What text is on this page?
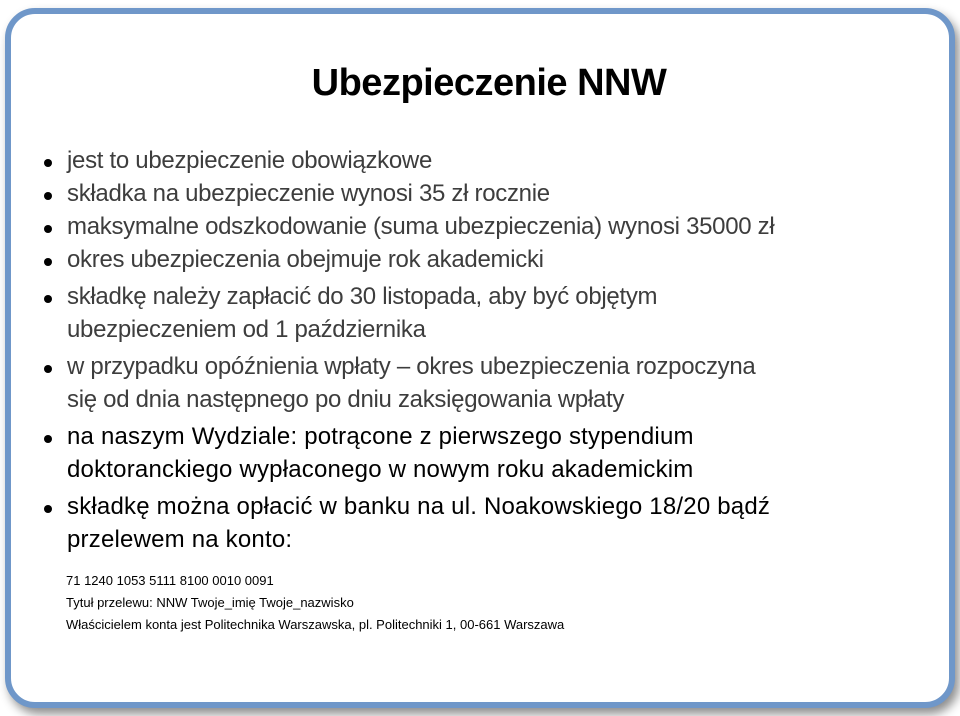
Ubezpieczenie NNW
jest to ubezpieczenie obowiązkowe
składka na ubezpieczenie wynosi 35 zł rocznie
maksymalne odszkodowanie (suma ubezpieczenia) wynosi 35000 zł
okres ubezpieczenia obejmuje rok akademicki
składkę należy zapłacić do 30 listopada, aby być objętym
ubezpieczeniem od 1 października
w przypadku opóźnienia wpłaty – okres ubezpieczenia rozpoczyna
się od dnia następnego po dniu zaksięgowania wpłaty
na naszym Wydziale: potrącone z pierwszego stypendium
doktoranckiego wypłaconego w nowym roku akademickim
składkę można opłacić w banku na ul. Noakowskiego 18/20 bądź
przelewem na konto:
71 1240 1053 5111 8100 0010 0091
Tytuł przelewu: NNW Twoje_imię Twoje_nazwisko
Właścicielem konta jest Politechnika Warszawska, pl. Politechniki 1, 00-661 Warszawa
